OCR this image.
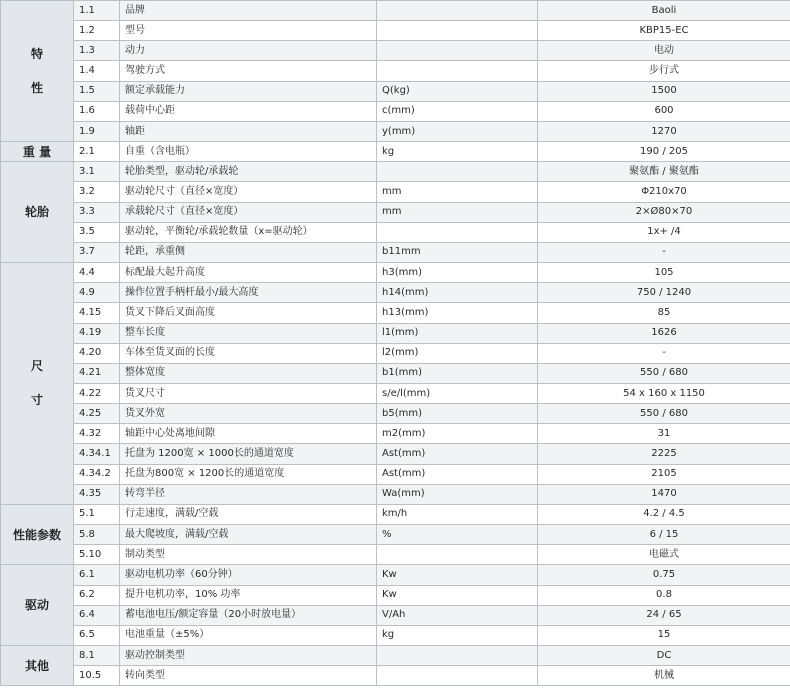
特
性	1.1	品牌		Baoli
	1.2	型号		KBP15-EC
	1.3	动力		电动
	1.4	驾驶方式		步行式
	1.5	额定承载能力	Q(kg)	1500
	1.6	载荷中心距	c(mm)	600
	1.9	轴距	y(mm)	1270
重 量	2.1	自重（含电瓶）	kg	190 / 205
轮胎	3.1	轮胎类型，驱动轮/承载轮		聚氨酯 / 聚氨酯
	3.2	驱动轮尺寸（直径×宽度）	mm	Φ210x70
	3.3	承载轮尺寸（直径×宽度）	mm	2×Ø80×70
	3.5	驱动轮，平衡轮/承载轮数量（x=驱动轮）		1x+ /4
	3.7	轮距，承重侧	b11mm	-

尺
寸	4.4	标配最大起升高度	h3(mm)	105
	4.9	操作位置手柄杆最小/最大高度	h14(mm)	750 / 1240
	4.15	货叉下降后叉面高度	h13(mm)	85
	4.19	整车长度	l1(mm)	1626
	4.20	车体至货叉面的长度	l2(mm)	-
	4.21	整体宽度	b1(mm)	550 / 680
	4.22	货叉尺寸	s/e/l(mm)	54 x 160 x 1150
	4.25	货叉外宽	b5(mm)	550 / 680
	4.32	轴距中心处离地间隙	m2(mm)	31
	4.34.1	托盘为 1200宽 × 1000长的通道宽度	Ast(mm)	2225
	4.34.2	托盘为800宽 × 1200长的通道宽度	Ast(mm)	2105
	4.35	转弯半径	Wa(mm)	1470
性能参数	5.1	行走速度，满载/空载	km/h	4.2 / 4.5
	5.8	最大爬坡度，满载/空载	%	6 / 15
	5.10	制动类型		电磁式
驱动	6.1	驱动电机功率（60分钟）	Kw	0.75
	6.2	提升电机功率，10% 功率	Kw	0.8
	6.4	蓄电池电压/额定容量（20小时放电量）	V/Ah	24 / 65
	6.5	电池重量（±5%）	kg	15
其他	8.1	驱动控制类型		DC
	10.5	转向类型		机械
